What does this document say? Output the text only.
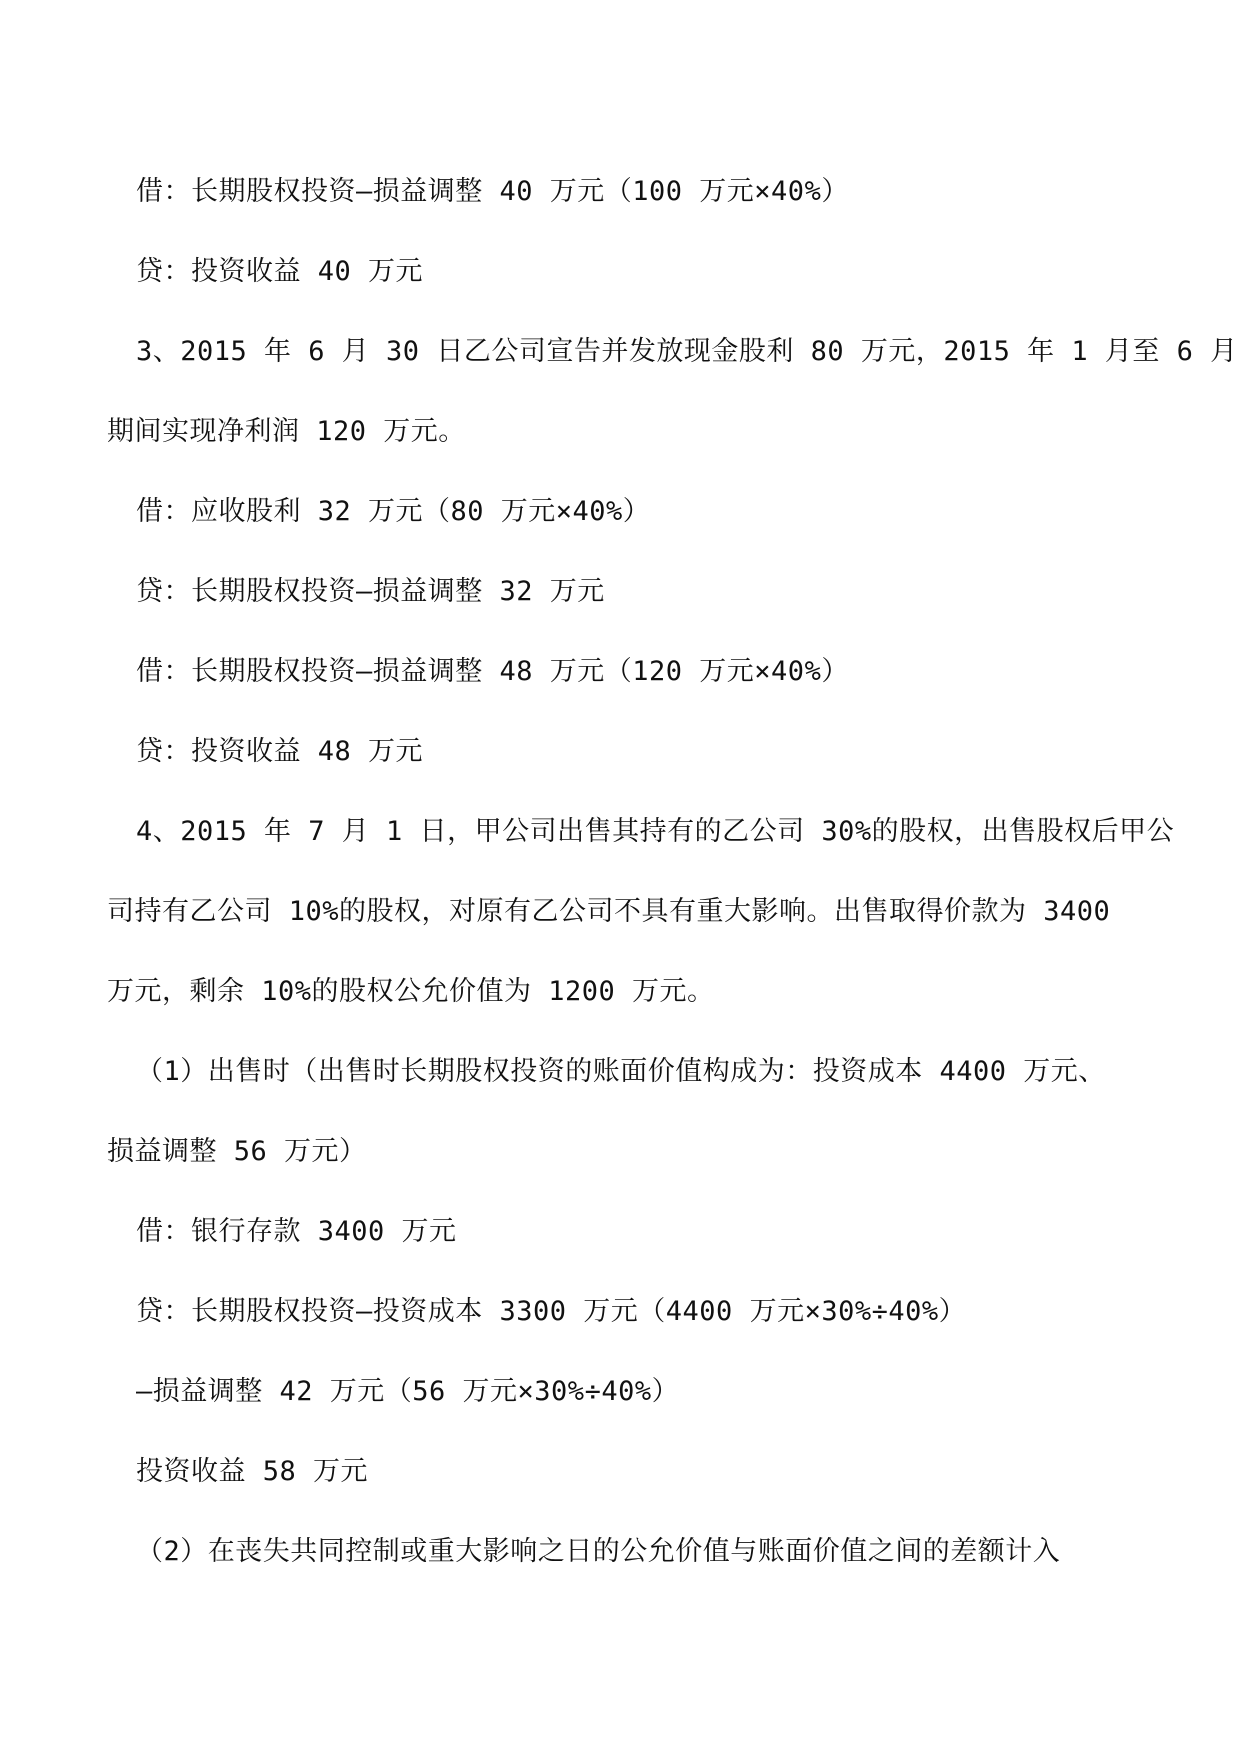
借：长期股权投资—损益调整 40 万元（100 万元×40%）
贷：投资收益 40 万元
3、2015 年 6 月 30 日乙公司宣告并发放现金股利 80 万元，2015 年 1 月至 6 月
期间实现净利润 120 万元。
借：应收股利 32 万元（80 万元×40%）
贷：长期股权投资—损益调整 32 万元
借：长期股权投资—损益调整 48 万元（120 万元×40%）
贷：投资收益 48 万元
4、2015 年 7 月 1 日，甲公司出售其持有的乙公司 30%的股权，出售股权后甲公
司持有乙公司 10%的股权，对原有乙公司不具有重大影响。出售取得价款为 3400
万元，剩余 10%的股权公允价值为 1200 万元。
（1）出售时（出售时长期股权投资的账面价值构成为：投资成本 4400 万元、
损益调整 56 万元）
借：银行存款 3400 万元
贷：长期股权投资—投资成本 3300 万元（4400 万元×30%÷40%）
—损益调整 42 万元（56 万元×30%÷40%）
投资收益 58 万元
（2）在丧失共同控制或重大影响之日的公允价值与账面价值之间的差额计入
